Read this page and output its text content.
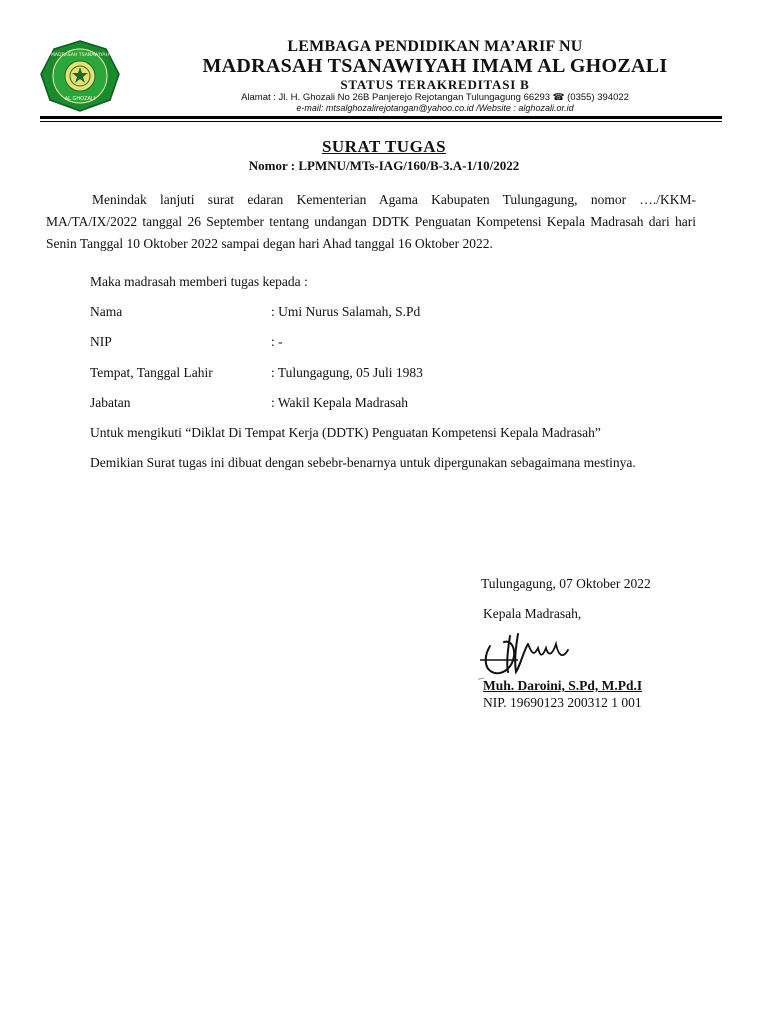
MADRASAH TSANAWIYAH
AL GHOZALI
LEMBAGA PENDIDIKAN MA’ARIF NU
MADRASAH TSANAWIYAH IMAM AL GHOZALI
STATUS TERAKREDITASI B
Alamat : Jl. H. Ghozali No 26B Panjerejo Rejotangan Tulungagung 66293 ☎ (0355) 394022
e-mail: mtsalghozalirejotangan@yahoo.co.id /Website : alghozali.or.id
SURAT TUGAS
Nomor : LPMNU/MTs-IAG/160/B-3.A-1/10/2022
Menindak lanjuti surat edaran Kementerian Agama Kabupaten Tulungagung, nomor …./KKM-MA/TA/IX/2022 tanggal 26 September tentang undangan DDTK Penguatan Kompetensi Kepala Madrasah dari hari Senin Tanggal 10 Oktober 2022 sampai degan hari Ahad tanggal 16 Oktober 2022.
Maka madrasah memberi tugas kepada :
Nama	: Umi Nurus Salamah, S.Pd
NIP	: -
Tempat, Tanggal Lahir	: Tulungagung, 05 Juli 1983
Jabatan	: Wakil Kepala Madrasah
Untuk mengikuti “Diklat Di Tempat Kerja (DDTK) Penguatan Kompetensi Kepala Madrasah”
Demikian Surat tugas ini dibuat dengan sebebr-benarnya untuk dipergunakan sebagaimana mestinya.
Tulungagung, 07 Oktober 2022
Kepala Madrasah,
Muh. Daroini, S.Pd, M.Pd.I
NIP. 19690123 200312 1 001
